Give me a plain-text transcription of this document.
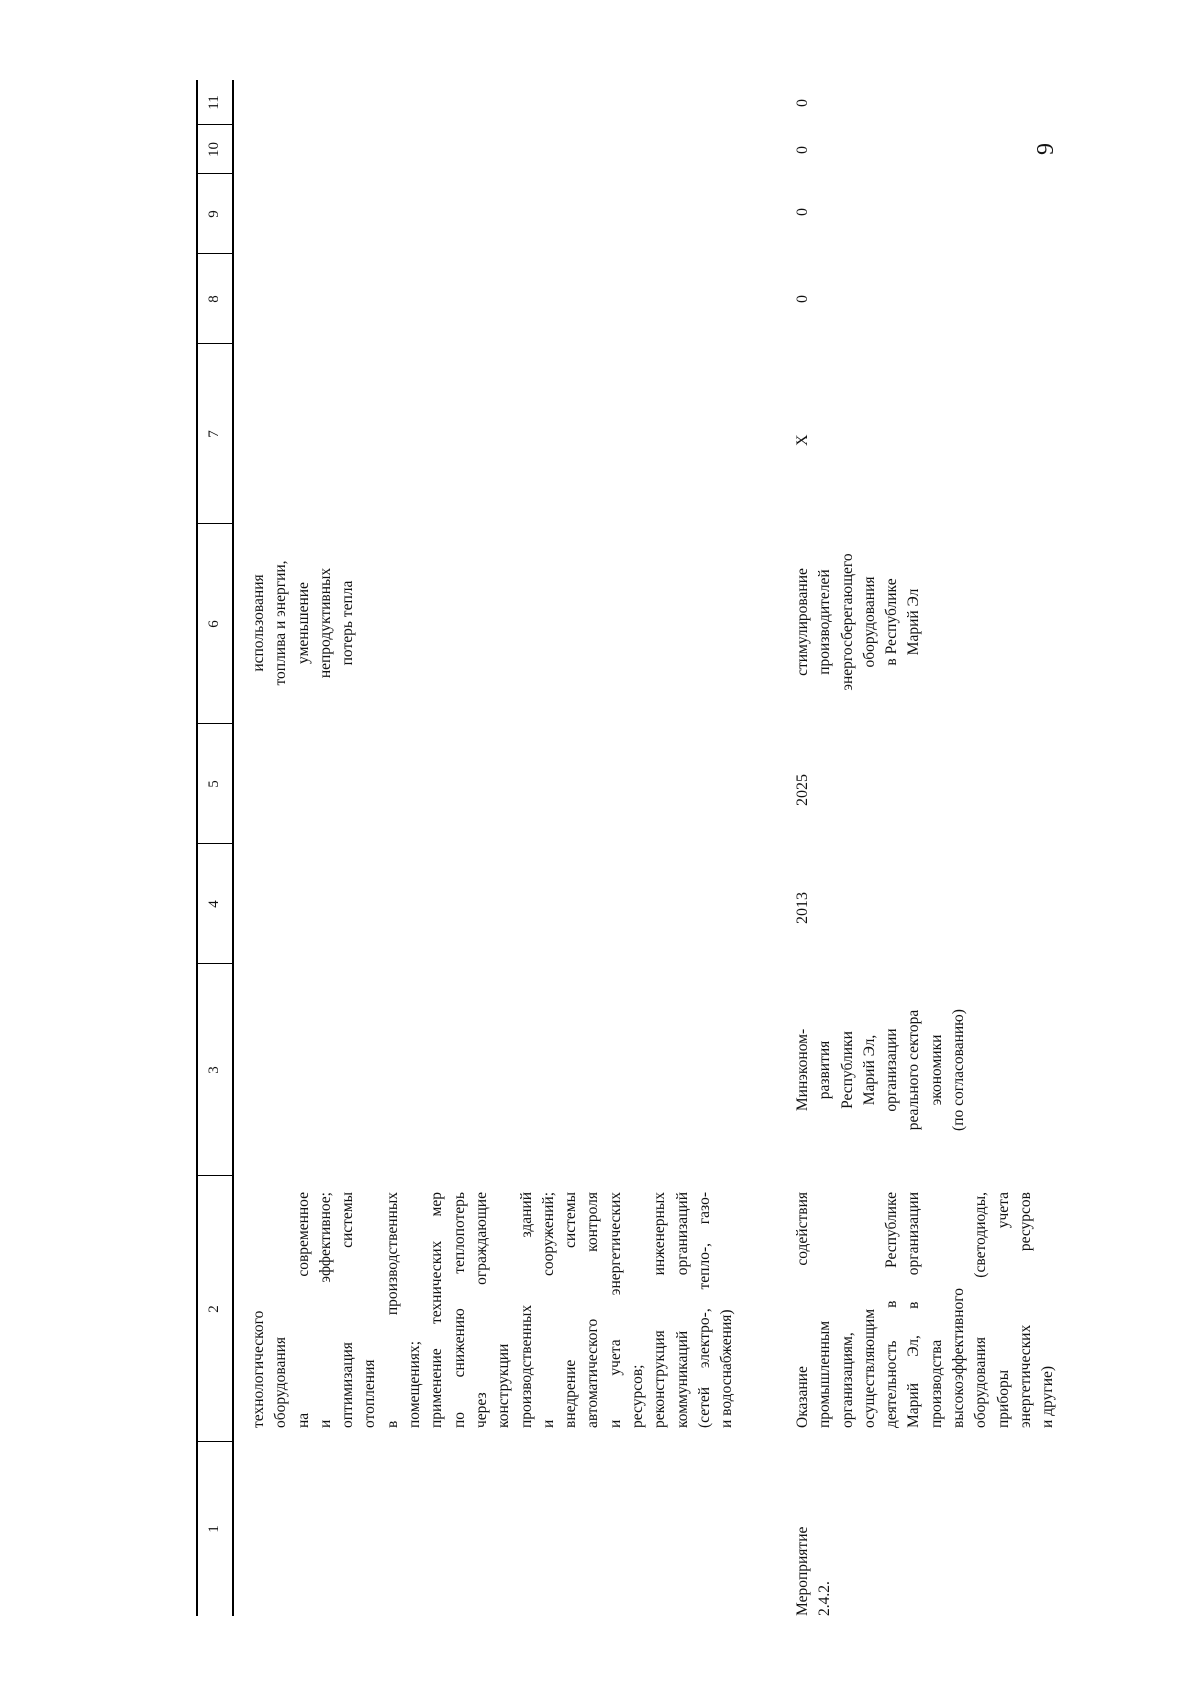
9
1
2
3
4
5
6
7
8
9
10
11
технологического оборудования на современное и эффективное; оптимизация системы отопления в производственных помещениях; применение технических мер по снижению теплопотерь через ограждающие конструкции производственных зданий и сооружений; внедрение системы автоматического контроля и учета энергетических ресурсов; реконструкция инженерных коммуникаций организаций (сетей электро-, тепло-, газо- и водоснабжения)
использования топлива и энергии, уменьшение непродуктивных потерь тепла
Мероприятие 2.4.2.
Оказание содействия промышленным организациям, осуществляющим деятельность в Республике Марий Эл, в организации производства высокоэффективного оборудования (светодиоды, приборы учета энергетических ресурсов и другие)
Минэконом- развития Республики Марий Эл, организации реального сектора экономики (по согласованию)
2013
2025
стимулирование производителей энергосберегающего оборудования в Республике Марий Эл
Х
0
0
0
0
